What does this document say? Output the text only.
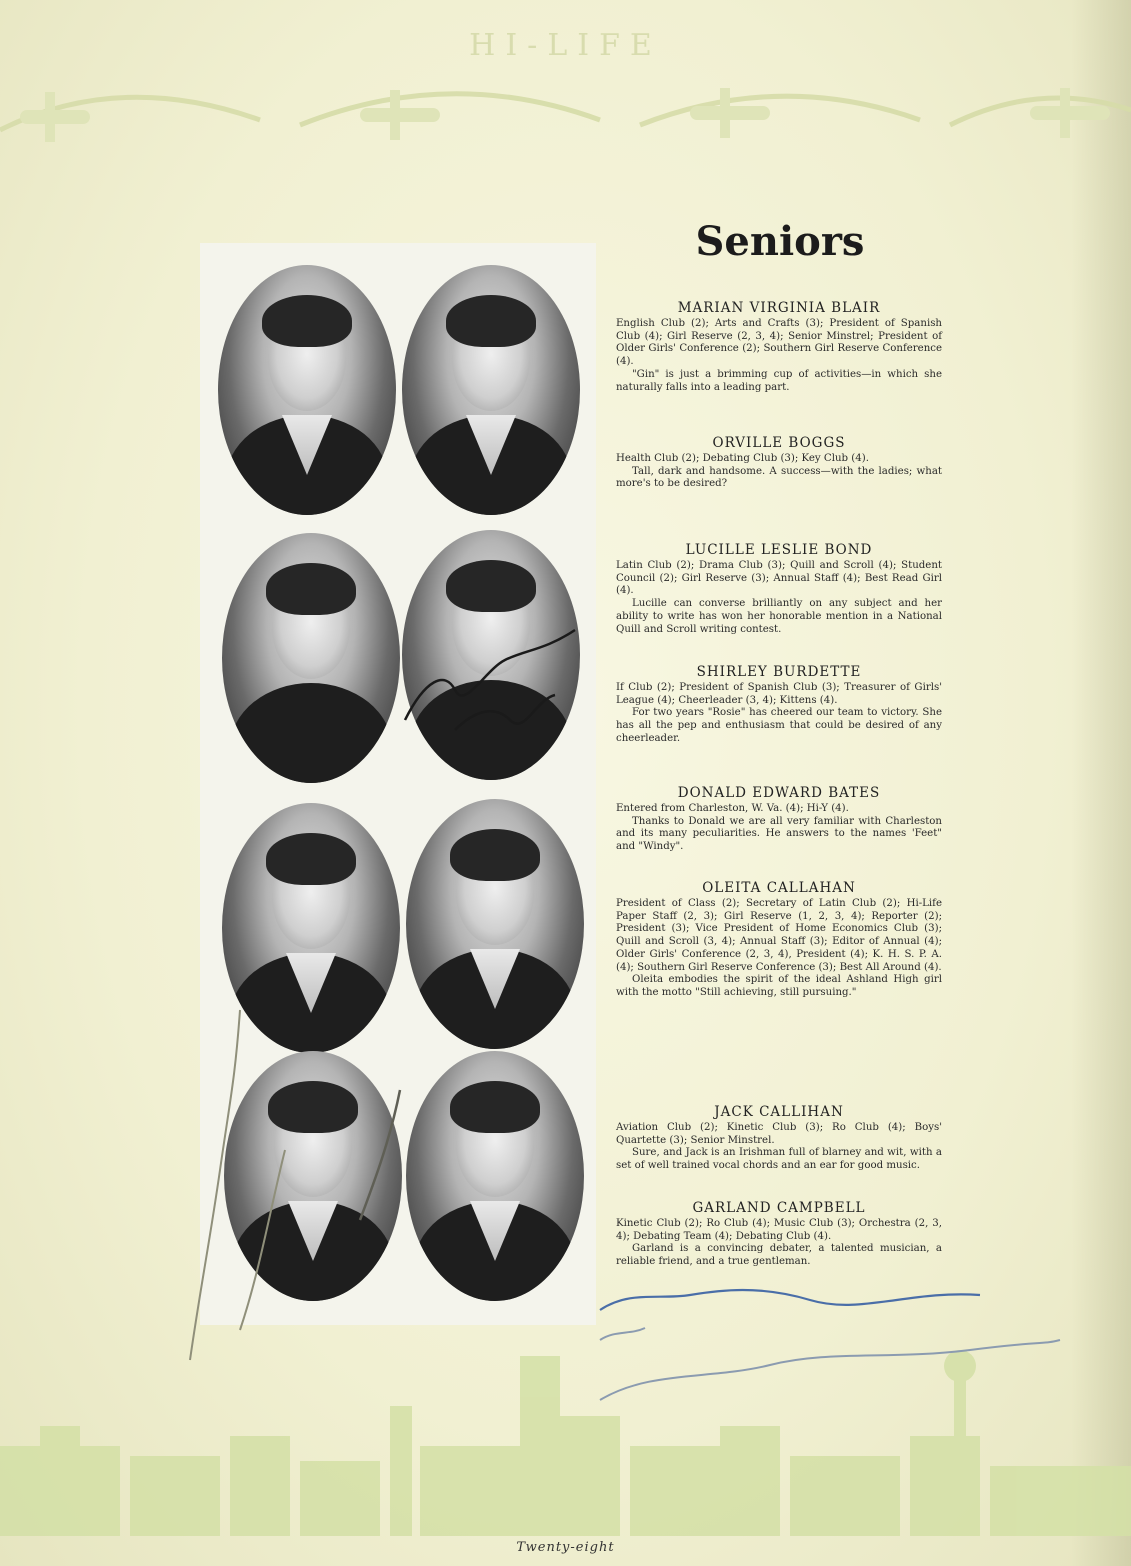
HI-LIFE
Seniors
MARIAN VIRGINIA BLAIR

English Club (2); Arts and Crafts (3); President of Spanish Club (4); Girl Reserve (2, 3, 4); Senior Minstrel; President of Older Girls' Conference (2); Southern Girl Reserve Conference (4).

"Gin" is just a brimming cup of activities—in which she naturally falls into a leading part.

ORVILLE BOGGS

Health Club (2); Debating Club (3); Key Club (4).

Tall, dark and handsome. A success—with the ladies; what more's to be desired?

LUCILLE LESLIE BOND

Latin Club (2); Drama Club (3); Quill and Scroll (4); Student Council (2); Girl Reserve (3); Annual Staff (4); Best Read Girl (4).

Lucille can converse brilliantly on any subject and her ability to write has won her honorable mention in a National Quill and Scroll writing contest.

SHIRLEY BURDETTE

If Club (2); President of Spanish Club (3); Treasurer of Girls' League (4); Cheerleader (3, 4); Kittens (4).

For two years "Rosie" has cheered our team to victory. She has all the pep and enthusiasm that could be desired of any cheerleader.

DONALD EDWARD BATES

Entered from Charleston, W. Va. (4); Hi-Y (4).

Thanks to Donald we are all very familiar with Charleston and its many peculiarities. He answers to the names 'Feet" and "Windy".

OLEITA CALLAHAN

President of Class (2); Secretary of Latin Club (2); Hi-Life Paper Staff (2, 3); Girl Reserve (1, 2, 3, 4); Reporter (2); President (3); Vice President of Home Economics Club (3); Quill and Scroll (3, 4); Annual Staff (3); Editor of Annual (4); Older Girls' Conference (2, 3, 4), President (4); K. H. S. P. A. (4); Southern Girl Reserve Conference (3); Best All Around (4).

Oleita embodies the spirit of the ideal Ashland High girl with the motto "Still achieving, still pursuing."

JACK CALLIHAN

Aviation Club (2); Kinetic Club (3); Ro Club (4); Boys' Quartette (3); Senior Minstrel.

Sure, and Jack is an Irishman full of blarney and wit, with a set of well trained vocal chords and an ear for good music.

GARLAND CAMPBELL

Kinetic Club (2); Ro Club (4); Music Club (3); Orchestra (2, 3, 4); Debating Team (4); Debating Club (4).

Garland is a convincing debater, a talented musician, a reliable friend, and a true gentleman.

Twenty-eight
